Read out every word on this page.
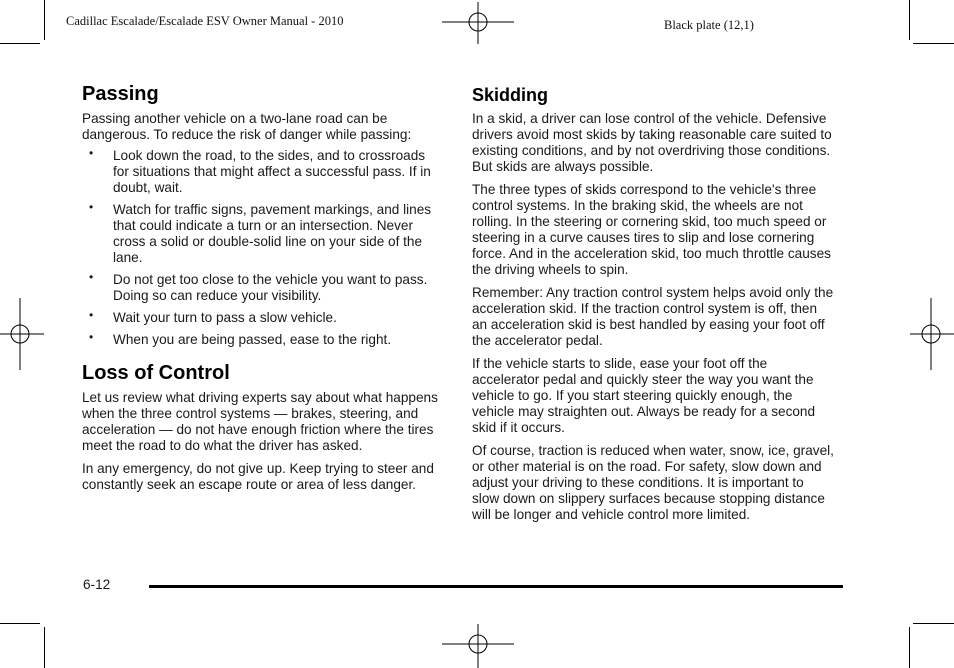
Cadillac Escalade/Escalade ESV Owner Manual - 2010	Black plate (12,1)
Passing

Passing another vehicle on a two-lane road can be dangerous. To reduce the risk of danger while passing:

• Look down the road, to the sides, and to crossroads for situations that might affect a successful pass. If in doubt, wait.
• Watch for traffic signs, pavement markings, and lines that could indicate a turn or an intersection. Never cross a solid or double-solid line on your side of the lane.
• Do not get too close to the vehicle you want to pass. Doing so can reduce your visibility.
• Wait your turn to pass a slow vehicle.
• When you are being passed, ease to the right.
Loss of Control

Let us review what driving experts say about what happens when the three control systems — brakes, steering, and acceleration — do not have enough friction where the tires meet the road to do what the driver has asked.

In any emergency, do not give up. Keep trying to steer and constantly seek an escape route or area of less danger.

Skidding

In a skid, a driver can lose control of the vehicle. Defensive drivers avoid most skids by taking reasonable care suited to existing conditions, and by not overdriving those conditions. But skids are always possible.

The three types of skids correspond to the vehicle's three control systems. In the braking skid, the wheels are not rolling. In the steering or cornering skid, too much speed or steering in a curve causes tires to slip and lose cornering force. And in the acceleration skid, too much throttle causes the driving wheels to spin.

Remember: Any traction control system helps avoid only the acceleration skid. If the traction control system is off, then an acceleration skid is best handled by easing your foot off the accelerator pedal.

If the vehicle starts to slide, ease your foot off the accelerator pedal and quickly steer the way you want the vehicle to go. If you start steering quickly enough, the vehicle may straighten out. Always be ready for a second skid if it occurs.

Of course, traction is reduced when water, snow, ice, gravel, or other material is on the road. For safety, slow down and adjust your driving to these conditions. It is important to slow down on slippery surfaces because stopping distance will be longer and vehicle control more limited.

6-12
